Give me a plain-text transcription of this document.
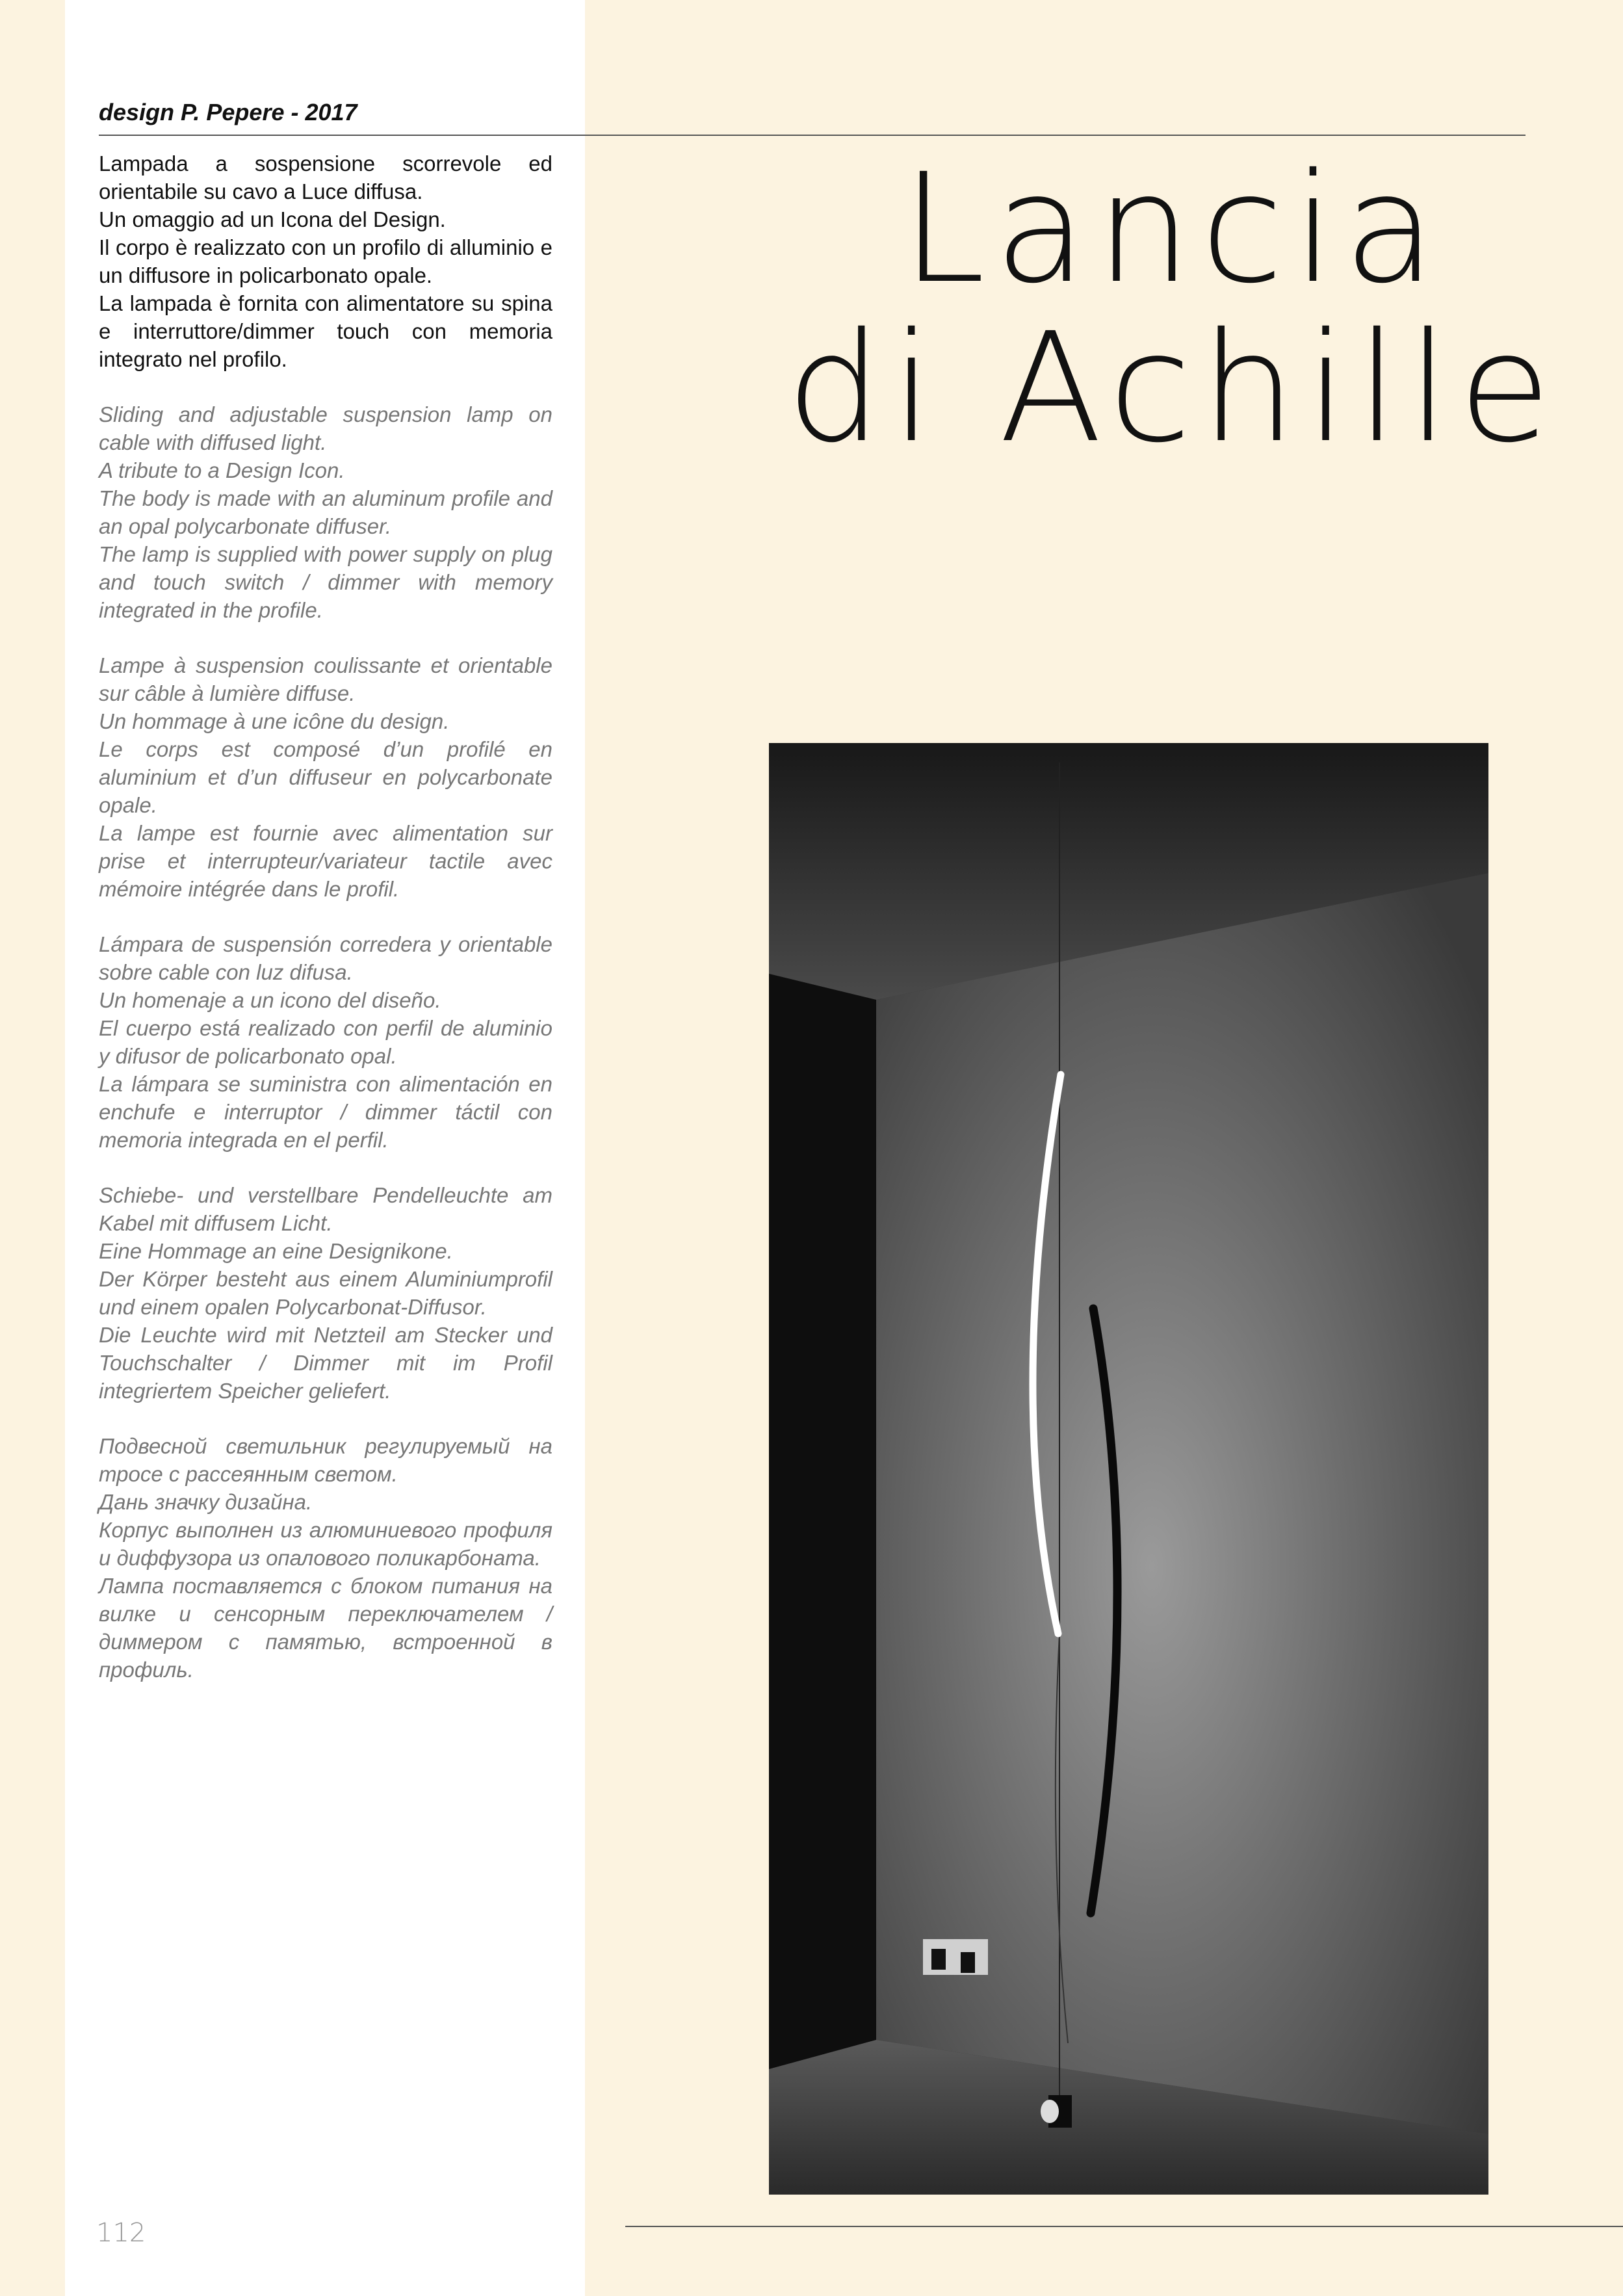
design P. Pepere - 2017

Lampada a sospensione scorrevole ed orientabile su cavo a Luce diffusa.

Un omaggio ad un Icona del Design.

Il corpo è realizzato con un profilo di alluminio e un diffusore in policarbonato opale.

La lampada è fornita con alimentatore su spina e interruttore/dimmer touch con memoria integrato nel profilo.

Sliding and adjustable suspension lamp on cable with diffused light.

A tribute to a Design Icon.

The body is made with an aluminum profile and an opal polycarbonate diffuser.

The lamp is supplied with power supply on plug and touch switch / dimmer with memory integrated in the profile.

Lampe à suspension coulissante et orientable sur câble à lumière diffuse.

Un hommage à une icône du design.

Le corps est composé d’un profilé en aluminium et d’un diffuseur en polycarbonate opale.

La lampe est fournie avec alimentation sur prise et interrupteur/variateur tactile avec mémoire intégrée dans le profil.

Lámpara de suspensión corredera y orientable sobre cable con luz difusa.

Un homenaje a un icono del diseño.

El cuerpo está realizado con perfil de aluminio y difusor de policarbonato opal.

La lámpara se suministra con alimentación en enchufe e interruptor / dimmer táctil con memoria integrada en el perfil.

Schiebe- und verstellbare Pendelleuchte am Kabel mit diffusem Licht.

Eine Hommage an eine Designikone.

Der Körper besteht aus einem Aluminiumprofil und einem opalen Polycarbonat-Diffusor.

Die Leuchte wird mit Netzteil am Stecker und Touchschalter / Dimmer mit im Profil integriertem Speicher geliefert.

Подвесной светильник регулируемый на тросе с рассеянным светом.

Дань значку дизайна.

Корпус выполнен из алюминиевого профиля и диффузора из опалового поликарбоната.

Лампа поставляется с блоком питания на вилке и сенсорным переключателем / диммером с памятью, встроенной в профиль.

Lancia
di Achille

112
